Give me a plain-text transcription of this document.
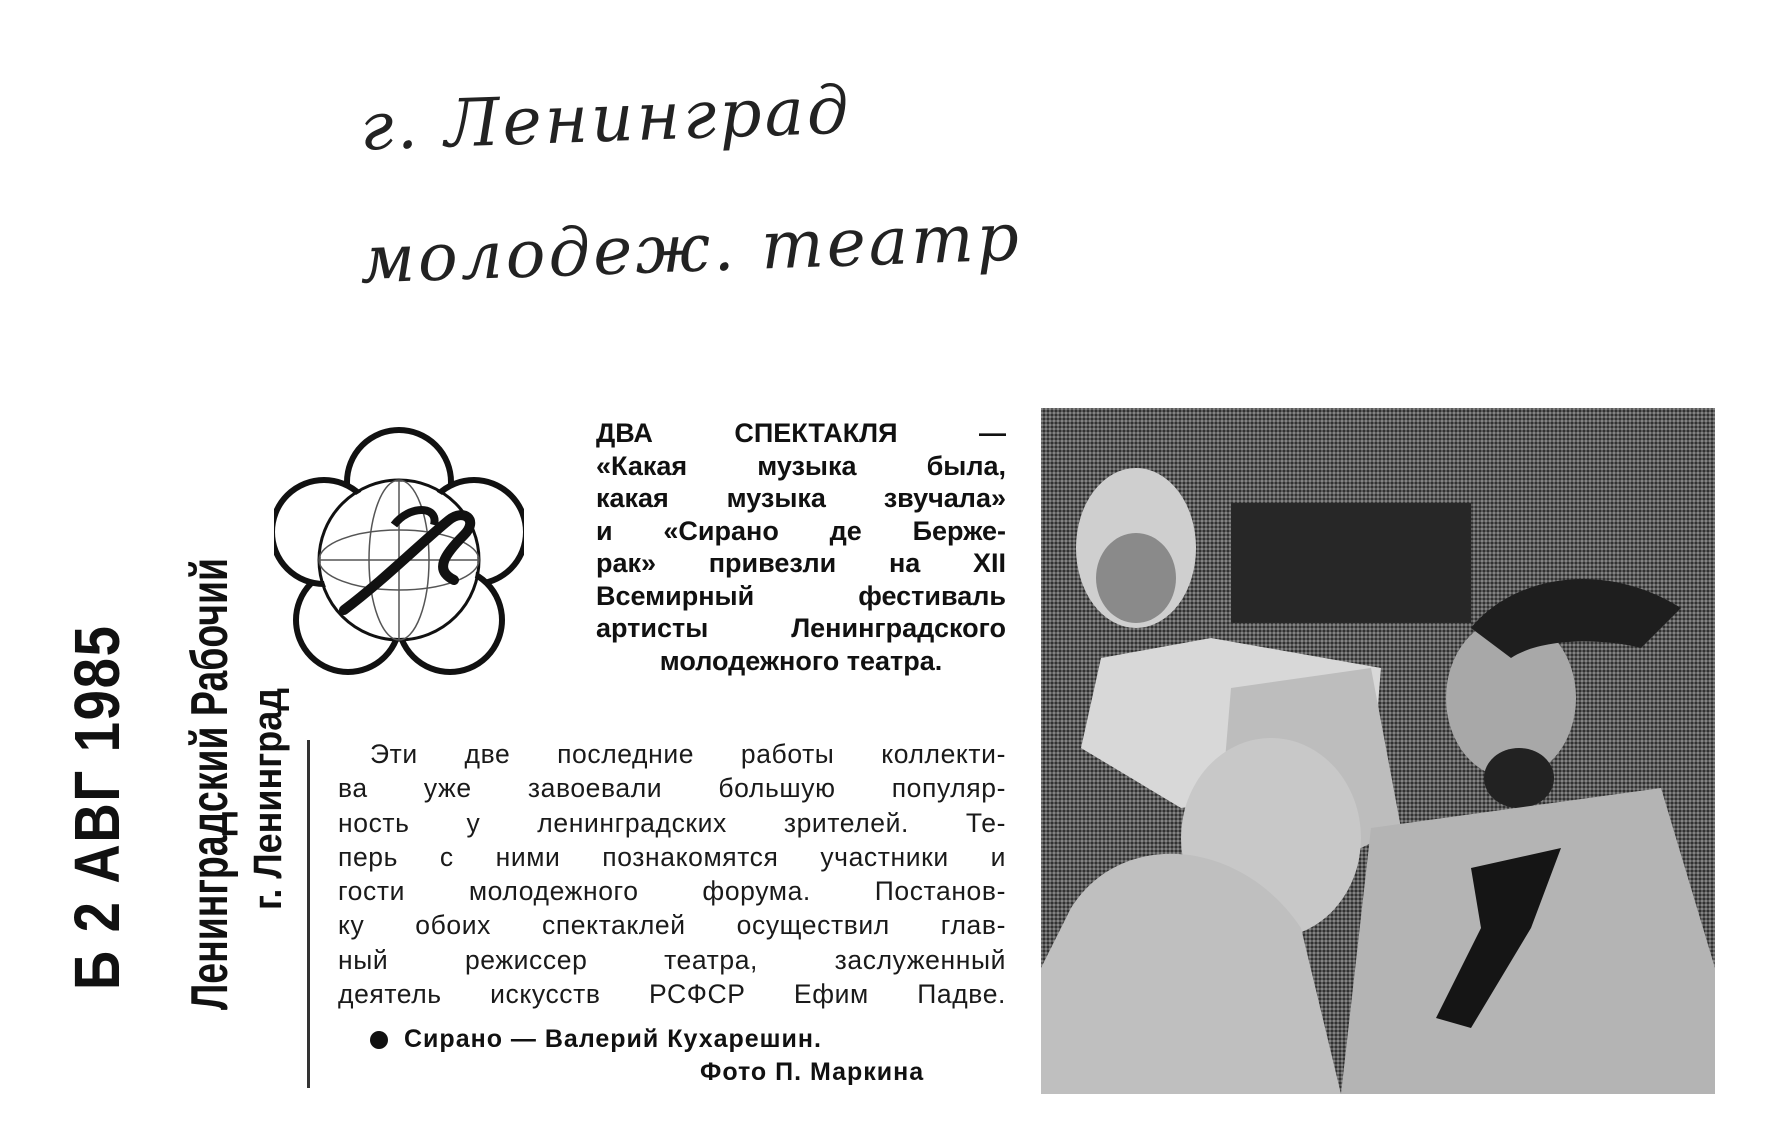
г. Ленинград
молодеж. театр
Б 2 АВГ 1985 Ленинградский Рабочий г. Ленинград
ДВА СПЕКТАКЛЯ —
«Какая музыка была,
какая музыка звучала»
и «Сирано де Берже-
рак» привезли на XII
Всемирный фестиваль
артисты Ленинградского
молодежного театра.
Эти две последние работы коллекти-
ва уже завоевали большую популяр-
ность у ленинградских зрителей. Те-
перь с ними познакомятся участники и
гости молодежного форума. Постанов-
ку обоих спектаклей осуществил глав-
ный режиссер театра, заслуженный
деятель искусств РСФСР Ефим Падве.
Сирано — Валерий Кухарешин.
Фото П. Маркина
